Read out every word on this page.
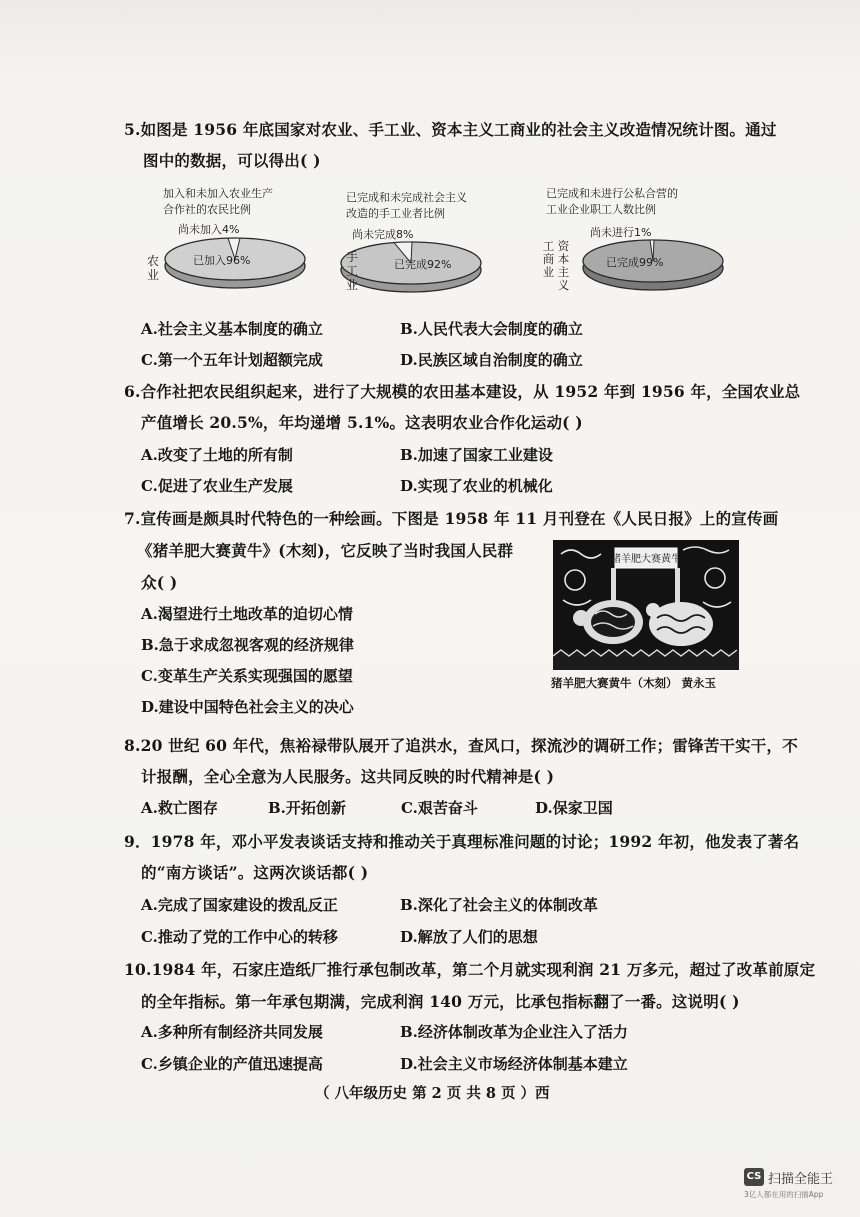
5.如图是 1956 年底国家对农业、手工业、资本主义工商业的社会主义改造情况统计图。通过
图中的数据，可以得出( )
加入和未加入农业生产
合作社的农民比例
已完成和未完成社会主义
改造的手工业者比例
已完成和未进行公私合营的
工业企业职工人数比例
尚未加入4%	尚未完成8%	尚未进行1%
已加入96%	已完成92%	已完成99%
农
业
手
工
业
工
商
业
资
本
主
义
A.社会主义基本制度的确立	B.人民代表大会制度的确立
C.第一个五年计划超额完成	D.民族区域自治制度的确立
6.合作社把农民组织起来，进行了大规模的农田基本建设，从 1952 年到 1956 年，全国农业总
产值增长 20.5%，年均递增 5.1%。这表明农业合作化运动( )
A.改变了土地的所有制	B.加速了国家工业建设
C.促进了农业生产发展	D.实现了农业的机械化
7.宣传画是颇具时代特色的一种绘画。下图是 1958 年 11 月刊登在《人民日报》上的宣传画
《猪羊肥大赛黄牛》(木刻)，它反映了当时我国人民群
众( )
A.渴望进行土地改革的迫切心情
B.急于求成忽视客观的经济规律
C.变革生产关系实现强国的愿望
D.建设中国特色社会主义的决心
猪羊肥大赛黄牛
猪羊肥大赛黄牛（木刻） 黄永玉
8.20 世纪 60 年代，焦裕禄带队展开了追洪水，查风口，探流沙的调研工作；雷锋苦干实干，不
计报酬，全心全意为人民服务。这共同反映的时代精神是( )
A.救亡图存	B.开拓创新	C.艰苦奋斗	D.保家卫国
9．1978 年，邓小平发表谈话支持和推动关于真理标准问题的讨论；1992 年初，他发表了著名
的“南方谈话”。这两次谈话都( )
A.完成了国家建设的拨乱反正	B.深化了社会主义的体制改革
C.推动了党的工作中心的转移	D.解放了人们的思想
10.1984 年，石家庄造纸厂推行承包制改革，第二个月就实现利润 21 万多元，超过了改革前原定
的全年指标。第一年承包期满，完成利润 140 万元，比承包指标翻了一番。这说明( )
A.多种所有制经济共同发展	B.经济体制改革为企业注入了活力
C.乡镇企业的产值迅速提高	D.社会主义市场经济体制基本建立
（ 八年级历史 第 2 页 共 8 页 ）西
CS 扫描全能王
3亿人都在用的扫描App
